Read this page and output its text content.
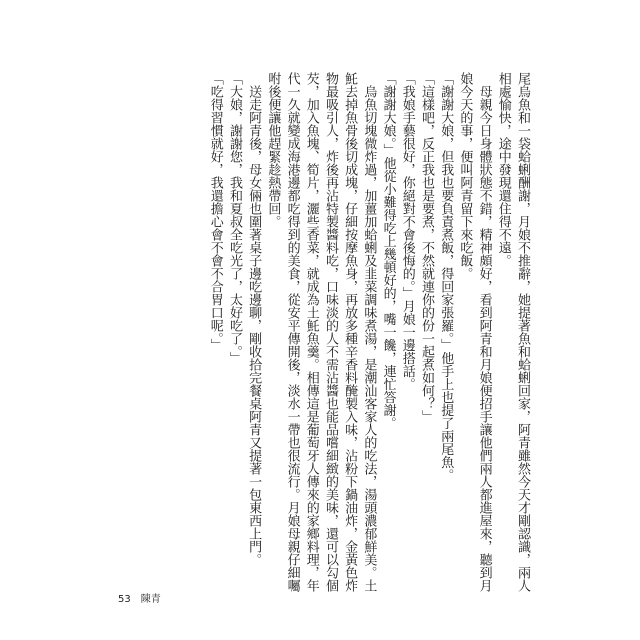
尾烏魚和一袋蛤蜊酬謝，月娘不推辭，她提著魚和蛤蜊回家，阿青雖然今天才剛認識，兩人相處愉快，途中發現還住得不遠。

母親今日身體狀態不錯，精神頗好，看到阿青和月娘便招手讓他們兩人都進屋來，聽到月娘今天的事，便叫阿青留下來吃飯。

「謝謝大娘，但我也要負責煮飯，得回家張羅。」他手上也提了兩尾魚。

「這樣吧，反正我也是要煮，不然就連你的份一起煮如何？」

「我娘手藝很好，你絕對不會後悔的。」月娘一邊搭話。

「謝謝大娘。」他從小難得吃上幾頓好的，嘴一饞，連忙答謝。

烏魚切塊微炸過，加薑加蛤蜊及韭菜調味煮湯，是潮汕客家人的吃法，湯頭濃郁鮮美。土魠去掉魚骨後切成塊，仔細按摩魚身，再放多種辛香料醃製入味，沾粉下鍋油炸，金黃色炸物最吸引人，炸後再沾特製醬料吃，口味淡的人不需沾醬也能品嚐細緻的美味，還可以勾個芡，加入魚塊、筍片，灑些香菜，就成為土魠魚羹。相傳這是葡萄牙人傳來的家鄉料理，年代一久就變成海港邊都吃得到的美食，從安平傳開後，淡水一帶也很流行。月娘母親仔細囑咐後便讓他趕緊趁熱帶回。

送走阿青後，母女倆也圍著桌子邊吃邊聊，剛收拾完餐桌阿青又提著一包東西上門。

「大娘，謝謝您，我和夏叔全吃光了，太好吃了。」

「吃得習慣就好，我還擔心會不會不合胃口呢。」

53 陳青
